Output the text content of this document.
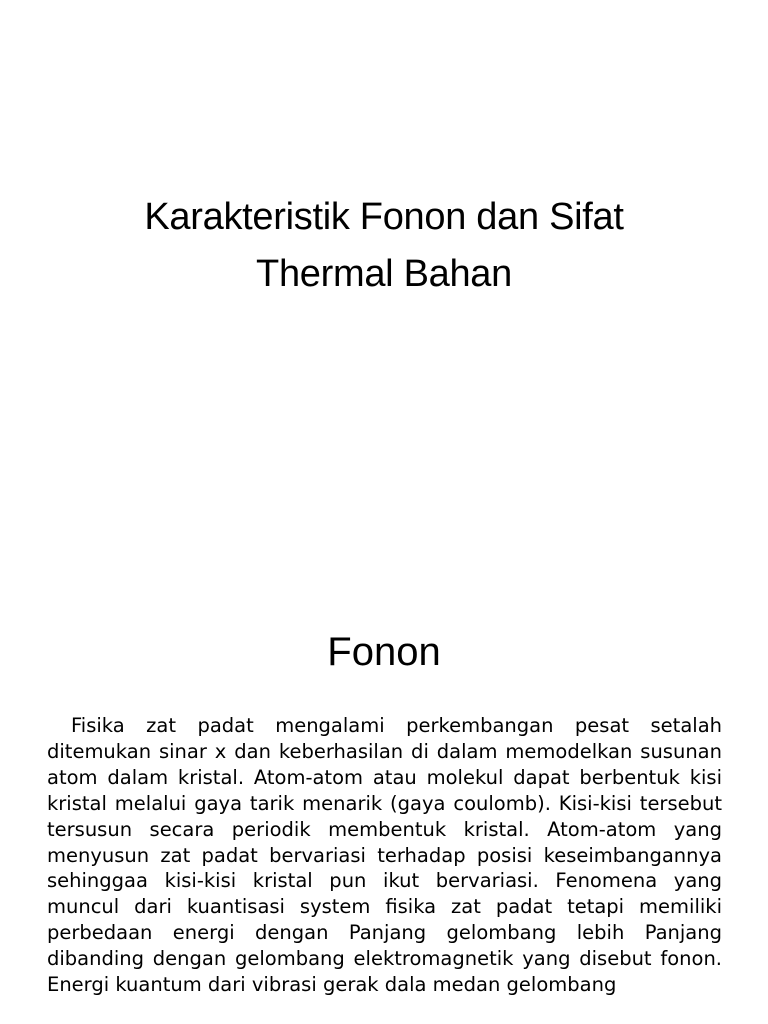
Karakteristik Fonon dan Sifat
Thermal Bahan
Fonon

Fisika zat padat mengalami perkembangan pesat setalah ditemukan sinar x dan keberhasilan di dalam memodelkan susunan atom dalam kristal. Atom-atom atau molekul dapat berbentuk kisi kristal melalui gaya tarik menarik (gaya coulomb). Kisi-kisi tersebut tersusun secara periodik membentuk kristal. Atom-atom yang menyusun zat padat bervariasi terhadap posisi keseimbangannya sehinggaa kisi-kisi kristal pun ikut bervariasi. Fenomena yang muncul dari kuantisasi system fisika zat padat tetapi memiliki perbedaan energi dengan Panjang gelombang lebih Panjang dibanding dengan gelombang elektromagnetik yang disebut fonon. Energi kuantum dari vibrasi gerak dala medan gelombang
